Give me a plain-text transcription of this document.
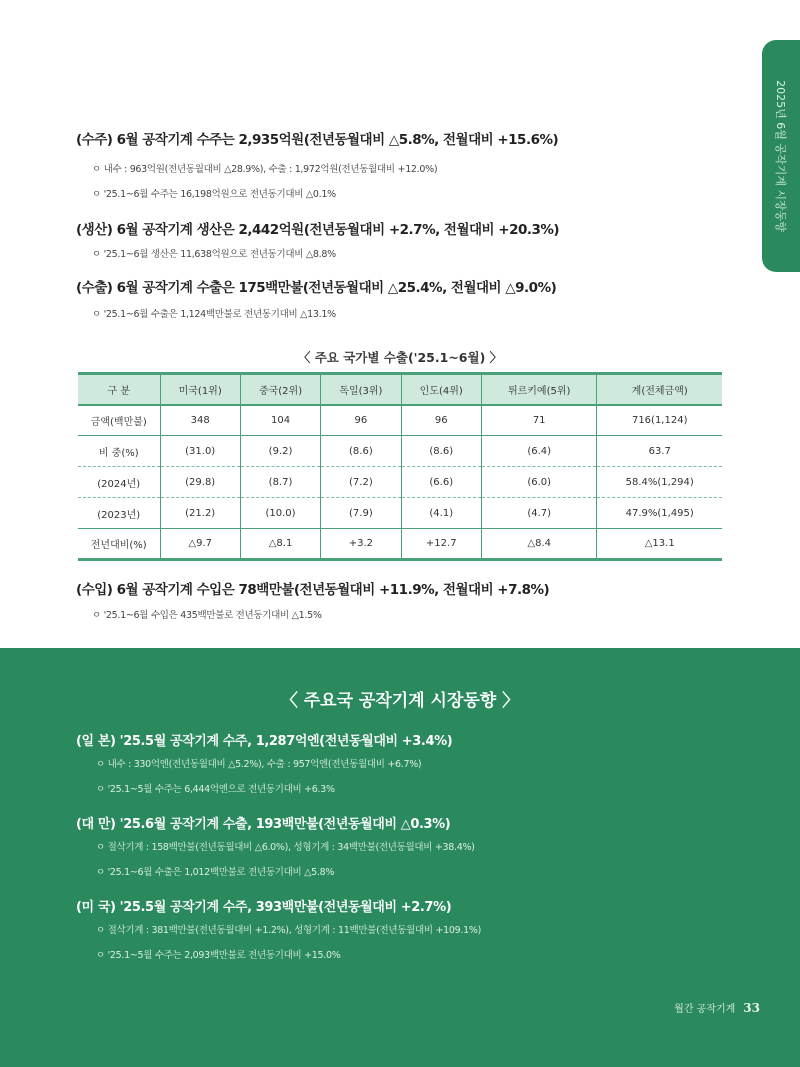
2025년 6월 공작기계 시장동향
(수주) 6월 공작기계 수주는 2,935억원(전년동월대비 △5.8%, 전월대비 +15.6%)
ㅇ 내수 : 963억원(전년동월대비 △28.9%), 수출 : 1,972억원(전년동월대비 +12.0%)
ㅇ '25.1~6월 수주는 16,198억원으로 전년동기대비 △0.1%
(생산) 6월 공작기계 생산은 2,442억원(전년동월대비 +2.7%, 전월대비 +20.3%)
ㅇ '25.1~6월 생산은 11,638억원으로 전년동기대비 △8.8%
(수출) 6월 공작기계 수출은 175백만불(전년동월대비 △25.4%, 전월대비 △9.0%)
ㅇ '25.1~6월 수출은 1,124백만불로 전년동기대비 △13.1%
〈 주요 국가별 수출('25.1~6월) 〉
구 분	미국(1위)	중국(2위)	독일(3위)	인도(4위)	튀르키예(5위)	계(전체금액)
금액(백만불)	348	104	96	96	71	716(1,124)
비 중(%)	(31.0)	(9.2)	(8.6)	(8.6)	(6.4)	63.7
(2024년)	(29.8)	(8.7)	(7.2)	(6.6)	(6.0)	58.4%(1,294)
(2023년)	(21.2)	(10.0)	(7.9)	(4.1)	(4.7)	47.9%(1,495)
전년대비(%)	△9.7	△8.1	+3.2	+12.7	△8.4	△13.1
(수입) 6월 공작기계 수입은 78백만불(전년동월대비 +11.9%, 전월대비 +7.8%)
ㅇ '25.1~6월 수입은 435백만불로 전년동기대비 △1.5%
〈 주요국 공작기계 시장동향 〉
(일 본) '25.5월 공작기계 수주, 1,287억엔(전년동월대비 +3.4%)
ㅇ 내수 : 330억엔(전년동월대비 △5.2%), 수출 : 957억엔(전년동월대비 +6.7%)
ㅇ '25.1~5월 수주는 6,444억엔으로 전년동기대비 +6.3%
(대 만) '25.6월 공작기계 수출, 193백만불(전년동월대비 △0.3%)
ㅇ 절삭기계 : 158백만불(전년동월대비 △6.0%), 성형기계 : 34백만불(전년동월대비 +38.4%)
ㅇ '25.1~6월 수출은 1,012백만불로 전년동기대비 △5.8%
(미 국) '25.5월 공작기계 수주, 393백만불(전년동월대비 +2.7%)
ㅇ 절삭기계 : 381백만불(전년동월대비 +1.2%), 성형기계 : 11백만불(전년동월대비 +109.1%)
ㅇ '25.1~5월 수주는 2,093백만불로 전년동기대비 +15.0%
월간 공작기계 33
